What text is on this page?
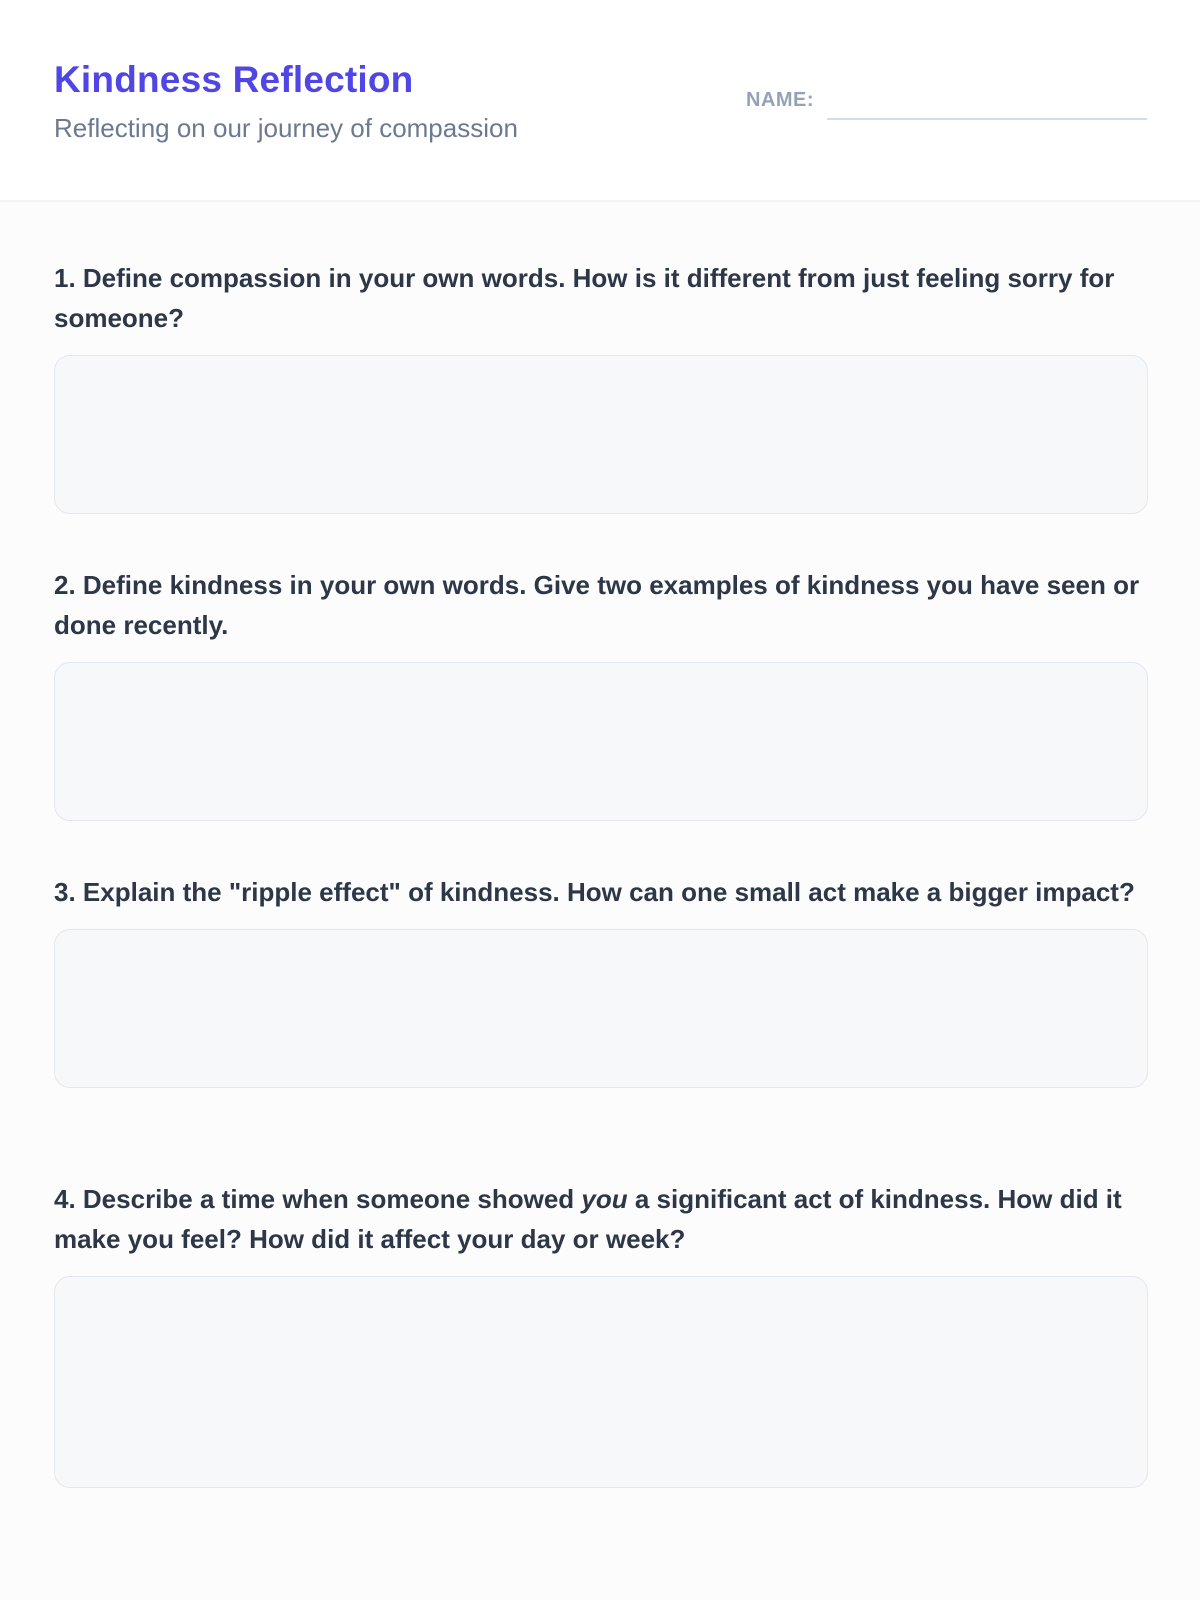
Kindness Reflection
Reflecting on our journey of compassion
NAME:

1. Define compassion in your own words. How is it different from just feeling sorry for someone?

2. Define kindness in your own words. Give two examples of kindness you have seen or done recently.

3. Explain the "ripple effect" of kindness. How can one small act make a bigger impact?

4. Describe a time when someone showed you a significant act of kindness. How did it make you feel? How did it affect your day or week?
